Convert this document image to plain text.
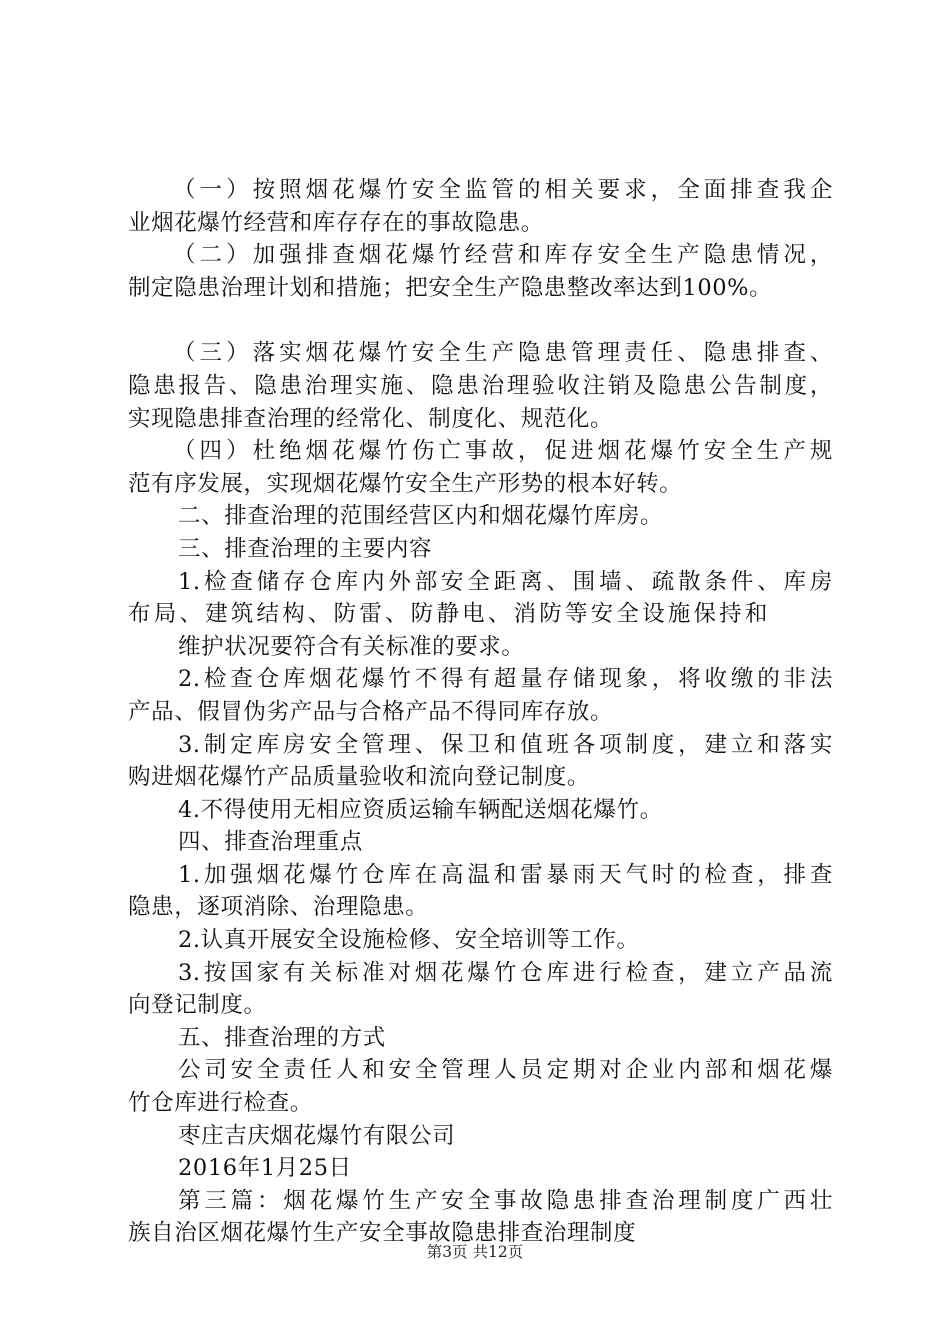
（一）按照烟花爆竹安全监管的相关要求，全面排查我企
业烟花爆竹经营和库存存在的事故隐患。
（二）加强排查烟花爆竹经营和库存安全生产隐患情况，
制定隐患治理计划和措施；把安全生产隐患整改率达到100%。
（三）落实烟花爆竹安全生产隐患管理责任、隐患排查、
隐患报告、隐患治理实施、隐患治理验收注销及隐患公告制度，
实现隐患排查治理的经常化、制度化、规范化。
（四）杜绝烟花爆竹伤亡事故，促进烟花爆竹安全生产规
范有序发展，实现烟花爆竹安全生产形势的根本好转。
二、排查治理的范围经营区内和烟花爆竹库房。
三、排查治理的主要内容
1.检查储存仓库内外部安全距离、围墙、疏散条件、库房
布局、建筑结构、防雷、防静电、消防等安全设施保持和
维护状况要符合有关标准的要求。
2.检查仓库烟花爆竹不得有超量存储现象，将收缴的非法
产品、假冒伪劣产品与合格产品不得同库存放。
3.制定库房安全管理、保卫和值班各项制度，建立和落实
购进烟花爆竹产品质量验收和流向登记制度。
4.不得使用无相应资质运输车辆配送烟花爆竹。
四、排查治理重点
1.加强烟花爆竹仓库在高温和雷暴雨天气时的检查，排查
隐患，逐项消除、治理隐患。
2.认真开展安全设施检修、安全培训等工作。
3.按国家有关标准对烟花爆竹仓库进行检查，建立产品流
向登记制度。
五、排查治理的方式
公司安全责任人和安全管理人员定期对企业内部和烟花爆
竹仓库进行检查。
枣庄吉庆烟花爆竹有限公司
2016年1月25日
第三篇：烟花爆竹生产安全事故隐患排查治理制度广西壮
族自治区烟花爆竹生产安全事故隐患排查治理制度
第3页 共12页
